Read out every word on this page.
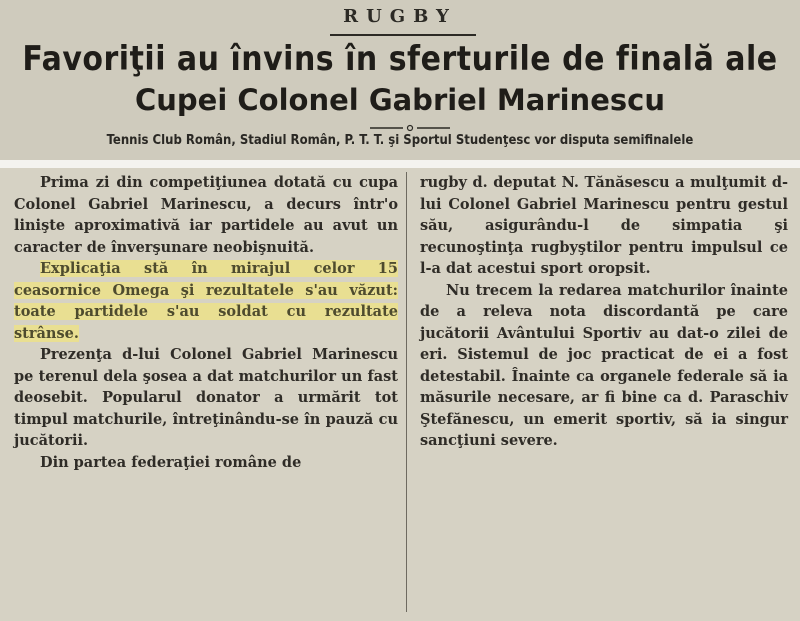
RUGBY
Favoriţii au învins în sferturile de finală ale
Cupei Colonel Gabriel Marinescu
Tennis Club Român, Stadiul Român, P. T. T. şi Sportul Studenţesc vor disputa semifinalele

Prima zi din competiţiunea dotată cu cupa Colonel Gabriel Marinescu, a decurs într'o linişte aproximativă iar partidele au avut un caracter de înverşunare neobişnuită.

Explicaţia stă în mirajul celor 15 ceasornice Omega şi rezultatele s'au văzut: toate partidele s'au soldat cu rezultate strânse.

Prezenţa d-lui Colonel Gabriel Marinescu pe terenul dela şosea a dat matchurilor un fast deosebit. Popularul donator a urmărit tot timpul matchurile, întreţinându-se în pauză cu jucătorii.

Din partea federaţiei române de

rugby d. deputat N. Tănăsescu a mulţumit d-lui Colonel Gabriel Marinescu pentru gestul său, asigurându-l de simpatia şi recunoştinţa rugbyştilor pentru impulsul ce l-a dat acestui sport oropsit.

Nu trecem la redarea matchurilor înainte de a releva nota discordantă pe care jucătorii Avântului Sportiv au dat-o zilei de eri. Sistemul de joc practicat de ei a fost detestabil. Înainte ca organele federale să ia măsurile necesare, ar fi bine ca d. Paraschiv Ştefănescu, un emerit sportiv, să ia singur sancţiuni severe.
